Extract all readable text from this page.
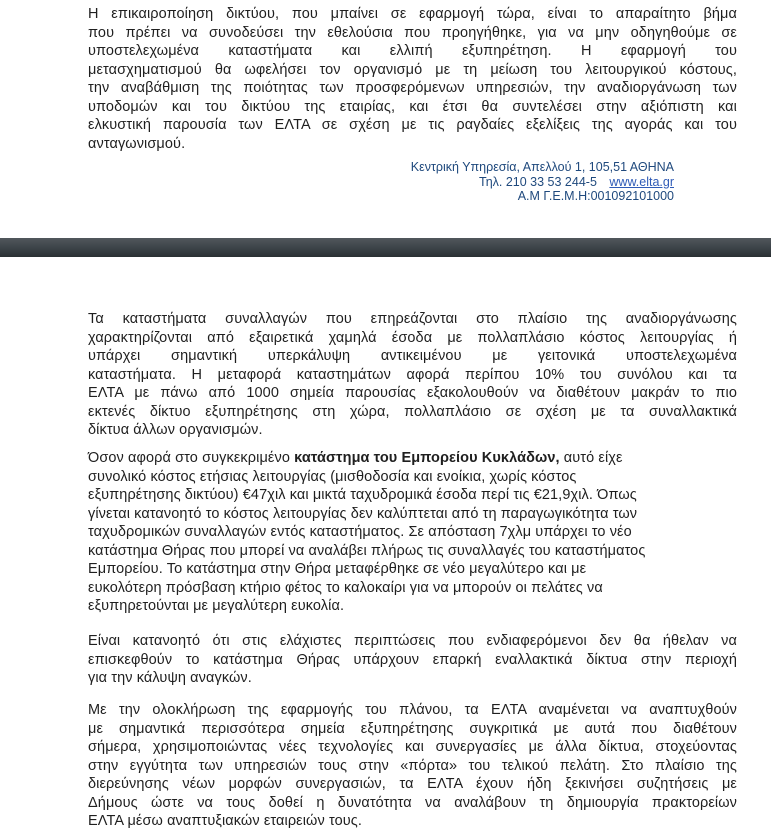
Η επικαιροποίηση δικτύου, που μπαίνει σε εφαρμογή τώρα, είναι το απαραίτητο βήμα
που πρέπει να συνοδεύσει την εθελούσια που προηγήθηκε, για να μην οδηγηθούμε σε
υποστελεχωμένα καταστήματα και ελλιπή εξυπηρέτηση. Η εφαρμογή του
μετασχηματισμού θα ωφελήσει τον οργανισμό με τη μείωση του λειτουργικού κόστους,
την αναβάθμιση της ποιότητας των προσφερόμενων υπηρεσιών, την αναδιοργάνωση των
υποδομών και του δικτύου της εταιρίας, και έτσι θα συντελέσει στην αξιόπιστη και
ελκυστική παρουσία των ΕΛΤΑ σε σχέση με τις ραγδαίες εξελίξεις της αγοράς και του
ανταγωνισμού.
Κεντρική Υπηρεσία, Απελλού 1, 105,51 ΑΘΗΝΑ
Τηλ. 210 33 53 244-5 www.elta.gr
Α.Μ Γ.Ε.Μ.Η:001092101000
Τα καταστήματα συναλλαγών που επηρεάζονται στο πλαίσιο της αναδιοργάνωσης
χαρακτηρίζονται από εξαιρετικά χαμηλά έσοδα με πολλαπλάσιο κόστος λειτουργίας ή
υπάρχει σημαντική υπερκάλυψη αντικειμένου με γειτονικά υποστελεχωμένα
καταστήματα. Η μεταφορά καταστημάτων αφορά περίπου 10% του συνόλου και τα
ΕΛΤΑ με πάνω από 1000 σημεία παρουσίας εξακολουθούν να διαθέτουν μακράν το πιο
εκτενές δίκτυο εξυπηρέτησης στη χώρα, πολλαπλάσιο σε σχέση με τα συναλλακτικά
δίκτυα άλλων οργανισμών.
Όσον αφορά στο συγκεκριμένο κατάστημα του Εμπορείου Κυκλάδων, αυτό είχε
συνολικό κόστος ετήσιας λειτουργίας (μισθοδοσία και ενοίκια, χωρίς κόστος
εξυπηρέτησης δικτύου) €47χιλ και μικτά ταχυδρομικά έσοδα περί τις €21,9χιλ. Όπως
γίνεται κατανοητό το κόστος λειτουργίας δεν καλύπτεται από τη παραγωγικότητα των
ταχυδρομικών συναλλαγών εντός καταστήματος. Σε απόσταση 7χλμ υπάρχει το νέο
κατάστημα Θήρας που μπορεί να αναλάβει πλήρως τις συναλλαγές του καταστήματος
Εμπορείου. Το κατάστημα στην Θήρα μεταφέρθηκε σε νέο μεγαλύτερο και με
ευκολότερη πρόσβαση κτήριο φέτος το καλοκαίρι για να μπορούν οι πελάτες να
εξυπηρετούνται με μεγαλύτερη ευκολία.
Είναι κατανοητό ότι στις ελάχιστες περιπτώσεις που ενδιαφερόμενοι δεν θα ήθελαν να
επισκεφθούν το κατάστημα Θήρας υπάρχουν επαρκή εναλλακτικά δίκτυα στην περιοχή
για την κάλυψη αναγκών.
Με την ολοκλήρωση της εφαρμογής του πλάνου, τα ΕΛΤΑ αναμένεται να αναπτυχθούν
με σημαντικά περισσότερα σημεία εξυπηρέτησης συγκριτικά με αυτά που διαθέτουν
σήμερα, χρησιμοποιώντας νέες τεχνολογίες και συνεργασίες με άλλα δίκτυα, στοχεύοντας
στην εγγύτητα των υπηρεσιών τους στην «πόρτα» του τελικού πελάτη. Στο πλαίσιο της
διερεύνησης νέων μορφών συνεργασιών, τα ΕΛΤΑ έχουν ήδη ξεκινήσει συζητήσεις με
Δήμους ώστε να τους δοθεί η δυνατότητα να αναλάβουν τη δημιουργία πρακτορείων
ΕΛΤΑ μέσω αναπτυξιακών εταιρειών τους.
